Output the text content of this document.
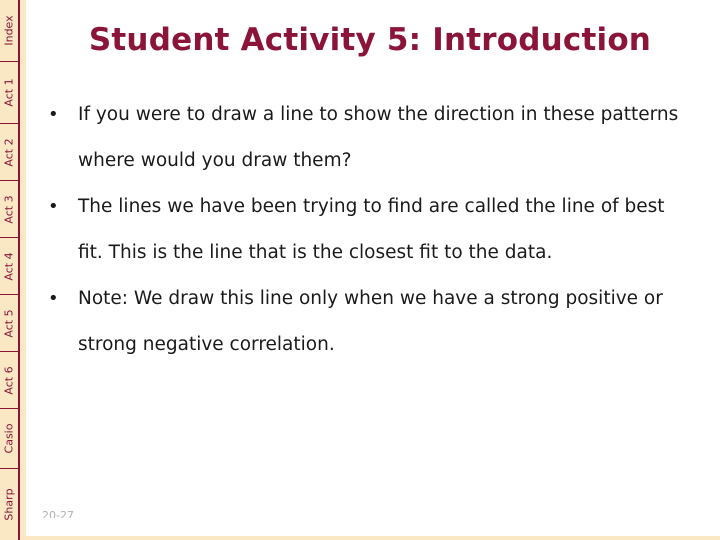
Index
Act 1
Act 2
Act 3
Act 4
Act 5
Act 6
Casio
Sharp
Student Activity 5: Introduction
• If you were to draw a line to show the direction in these patterns where would you draw them?
• The lines we have been trying to find are called the line of best fit. This is the line that is the closest fit to the data.
• Note: We draw this line only when we have a strong positive or strong negative correlation.
20-27
